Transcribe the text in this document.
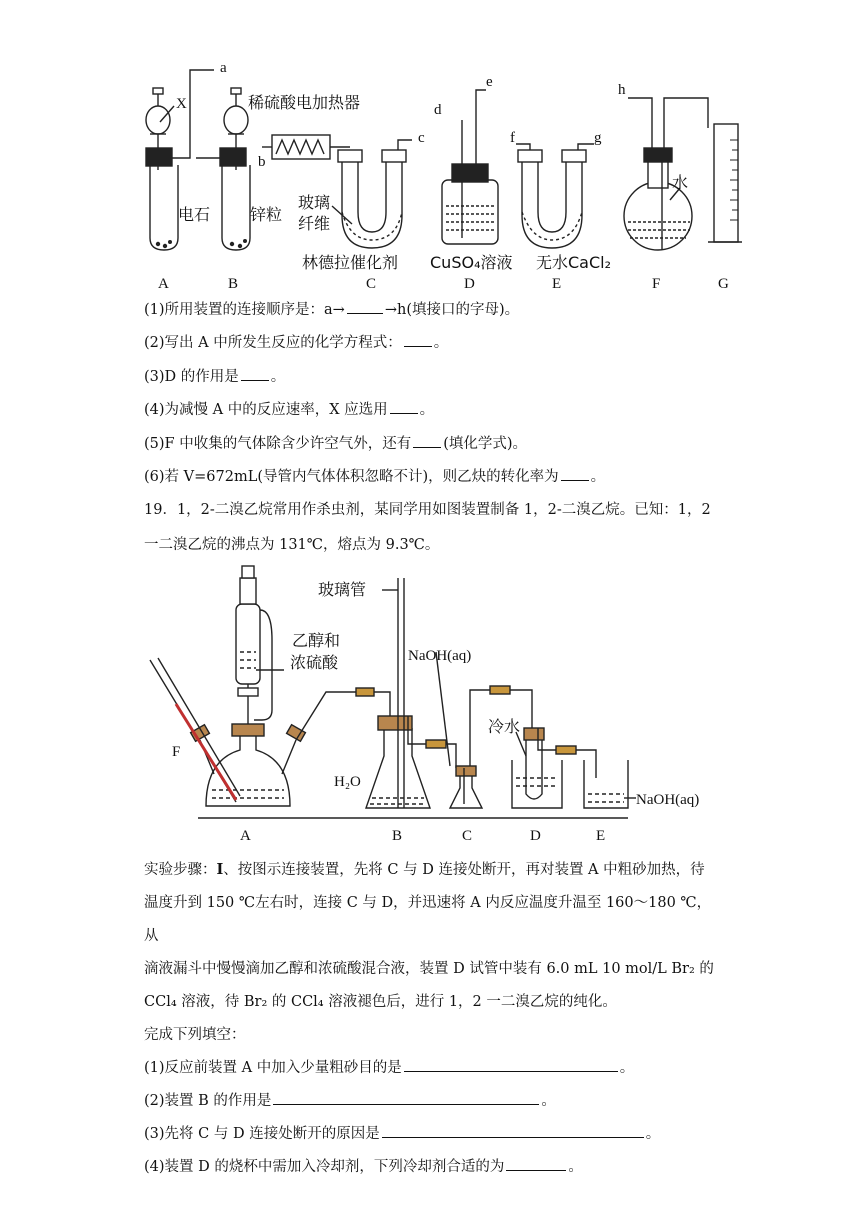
a
b
c
d
e
f	g
h
X	稀硫酸电加热器
电石 锌粒
玻璃
纤维
林德拉催化剂 CuSO₄溶液 无水CaCl₂
水
A	B	C	D	E	F	G
(1)所用装置的连接顺序是：a→	→h(填接口的字母)。
(2)写出 A 中所发生反应的化学方程式： 。
(3)D 的作用是 。
(4)为减慢 A 中的反应速率，X 应选用 。
(5)F 中收集的气体除含少许空气外，还有 (填化学式)。
(6)若 V=672mL(导管内气体体积忽略不计)，则乙炔的转化率为 。
19．1，2-二溴乙烷常用作杀虫剂，某同学用如图装置制备 1，2-二溴乙烷。已知：1，2
一二溴乙烷的沸点为 131℃，熔点为 9.3℃。
玻璃管
乙醇和
浓硫酸	NaOH(aq)
冷水
H₂O
F
NaOH(aq)
A	B	C	D	E
实验步骤：I、按图示连接装置，先将 C 与 D 连接处断开，再对装置 A 中粗砂加热，待
温度升到 150 ℃左右时，连接 C 与 D，并迅速将 A 内反应温度升温至 160～180 ℃，从
滴液漏斗中慢慢滴加乙醇和浓硫酸混合液，装置 D 试管中装有 6.0 mL 10 mol/L Br₂ 的
CCl₄ 溶液，待 Br₂ 的 CCl₄ 溶液褪色后，进行 1，2 一二溴乙烷的纯化。
完成下列填空：
(1)反应前装置 A 中加入少量粗砂目的是	。
(2)装置 B 的作用是	。
(3)先将 C 与 D 连接处断开的原因是	。
(4)装置 D 的烧杯中需加入冷却剂，下列冷却剂合适的为	。
